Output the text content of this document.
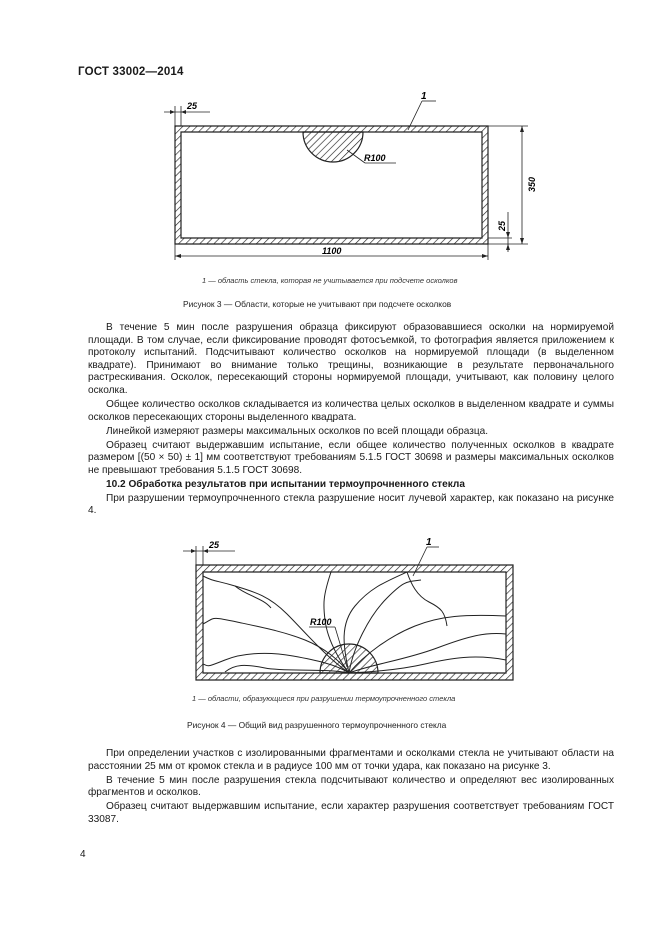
ГОСТ 33002—2014
25
1
R100
350
25
1100
1 — область стекла, которая не учитывается при подсчете осколков
Рисунок 3 — Области, которые не учитывают при подсчете осколков

В течение 5 мин после разрушения образца фиксируют образовавшиеся осколки на нормируемой площади. В том случае, если фиксирование проводят фотосъемкой, то фотография является приложением к протоколу испытаний. Подсчитывают количество осколков на нормируемой площади (в выделенном квадрате). Принимают во внимание только трещины, возникающие в результате первоначального растрескивания. Осколок, пересекающий стороны нормируемой площади, учитывают, как половину целого осколка.

Общее количество осколков складывается из количества целых осколков в выделенном квадрате и суммы осколков пересекающих стороны выделенного квадрата.

Линейкой измеряют размеры максимальных осколков по всей площади образца.

Образец считают выдержавшим испытание, если общее количество полученных осколков в квадрате размером [(50 × 50) ± 1] мм соответствуют требованиям 5.1.5 ГОСТ 30698 и размеры максимальных осколков не превышают требования 5.1.5 ГОСТ 30698.

10.2 Обработка результатов при испытании термоупрочненного стекла

При разрушении термоупрочненного стекла разрушение носит лучевой характер, как показано на рисунке 4.

25	1
R100
1 — области, образующиеся при разрушении термоупрочненного стекла
Рисунок 4 — Общий вид разрушенного термоупрочненного стекла

При определении участков с изолированными фрагментами и осколками стекла не учитывают области на расстоянии 25 мм от кромок стекла и в радиусе 100 мм от точки удара, как показано на рисунке 3.

В течение 5 мин после разрушения стекла подсчитывают количество и определяют вес изолированных фрагментов и осколков.

Образец считают выдержавшим испытание, если характер разрушения соответствует требованиям ГОСТ 33087.

4
